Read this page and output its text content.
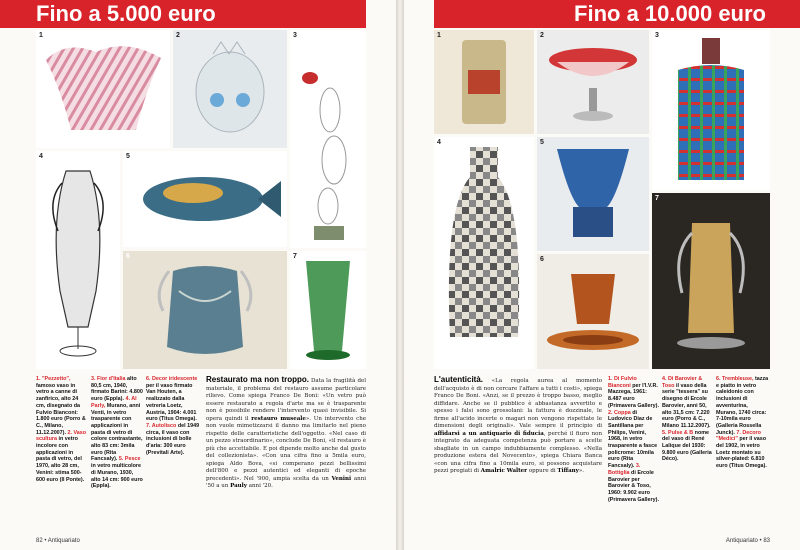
Fino a 5.000 euro
1	2	3
4	5
6	7
1. "Pezzetto", famoso vaso in vetro a canne di zanfirico, alto 24 cm, disegnato da Fulvio Bianconi: 1.800 euro (Porro & C., Milano, 11.12.2007). 2. Vaso scultura in vetro incolore con applicazioni in pasta di vetro, del 1970, alto 28 cm, Venini: stima 500-600 euro (Il Ponte).
3. Fior d'Italia alto 80,5 cm, 1940, firmato Barini: 4.800 euro (Eppla). 4. Al Parly, Murano, anni Venti, in vetro trasparente con applicazioni in pasta di vetro di colore contrastante, alto 83 cm: 3mila euro (Rita Fancsaly). 5. Pesce in vetro multicolore di Murano, 1930, alto 14 cm: 900 euro (Eppla).
6. Decor iridescente per il vaso firmato Van Houten, a realizzato dalla vetreria Loetz, Austria, 1904: 4.001 euro (Titus Omega). 7. Autolisco del 1949 circa, il vaso con inclusioni di bolle d'aria: 300 euro (Previtali Arte).
Restaurato ma non troppo. Data la fragilità del materiale, il problema del restauro assume particolare rilievo. Come spiega Franco De Boni: «Un vetro può essere restaurato a regola d'arte ma se è trasparente non è possibile rendere l'intervento quasi invisibile. Si opera quindi il restauro museale». Un intervento che non vuole mimetizzarsi il danno ma limitarlo nel pieno rispetto delle caratteristiche dell'oggetto. «Nel caso di un pezzo straordinario», conclude De Boni, «il restauro è più che accettabile. E poi dipende molto anche dal gusto del collezionista». «Con una cifra fino a 5mila euro, spiega Aldo Bova, «si comperano pezzi bellissimi dell'800 e pezzi autentici ed eleganti di epoche precedenti». Nel '900, ampia scelta da un Venini anni '50 a un Pauly anni '20.
82 • Antiquariato
Fino a 10.000 euro
1	2	3
4	5
6
7
L'autenticità. «La regola aurea al momento dell'acquisto è di non cercare l'affare a tutti i costi», spiega Franco De Boni. «Anzi, se il prezzo è troppo basso, meglio diffidare. Anche se il pubblico è abbastanza avvertito e spesso i falsi sono grossolani: la fattura è dozzinale, le firme all'acido incerte o magari non vengono rispettate le dimensioni degli originali». Vale sempre il principio di affidarsi a un antiquario di fiducia, perché il fiuro non integrato da adeguata competenza può portare a scelte sbagliate in un campo indubbiamente complesso. «Nella produzione estera del Novecento», spiega Chiara Banca «con una cifra fino a 10mila euro, si possono acquistare pezzi pregiati di Amalric Walter oppure di Tiffany».
1. Di Fulvio Bianconi per l'I.V.R. Mazzega, 1961: 8.487 euro (Primavera Gallery). 2. Coppa di Ludovico Diaz de Santillana per Philips, Venini, 1968, in vetro trasparente a fasce policrome: 10mila euro (Rita Fancsaly). 3. Bottiglia di Ercole Barovier per Barovier & Toso, 1960: 9.902 euro (Primavera Gallery).
4. Di Barovier & Toso il vaso della serie "tessera" su disegno di Ercole Barovier, anni 50, alto 31,5 cm: 7.220 euro (Porro & C., Milano 11.12.2007). 5. Pulse & B nome del vaso di René Lalique del 1930: 9.800 euro (Galleria Déco).
6. Trembleuse, tazza e piatto in vetro caleidonio con inclusioni di avventurina, Murano, 1740 circa: 7-10mila euro (Galleria Rossella Junck). 7. Decoro "Medici" per il vaso del 1902, in vetro Loetz montato su silver-plated: 6.810 euro (Titus Omega).
Antiquariato • 83
